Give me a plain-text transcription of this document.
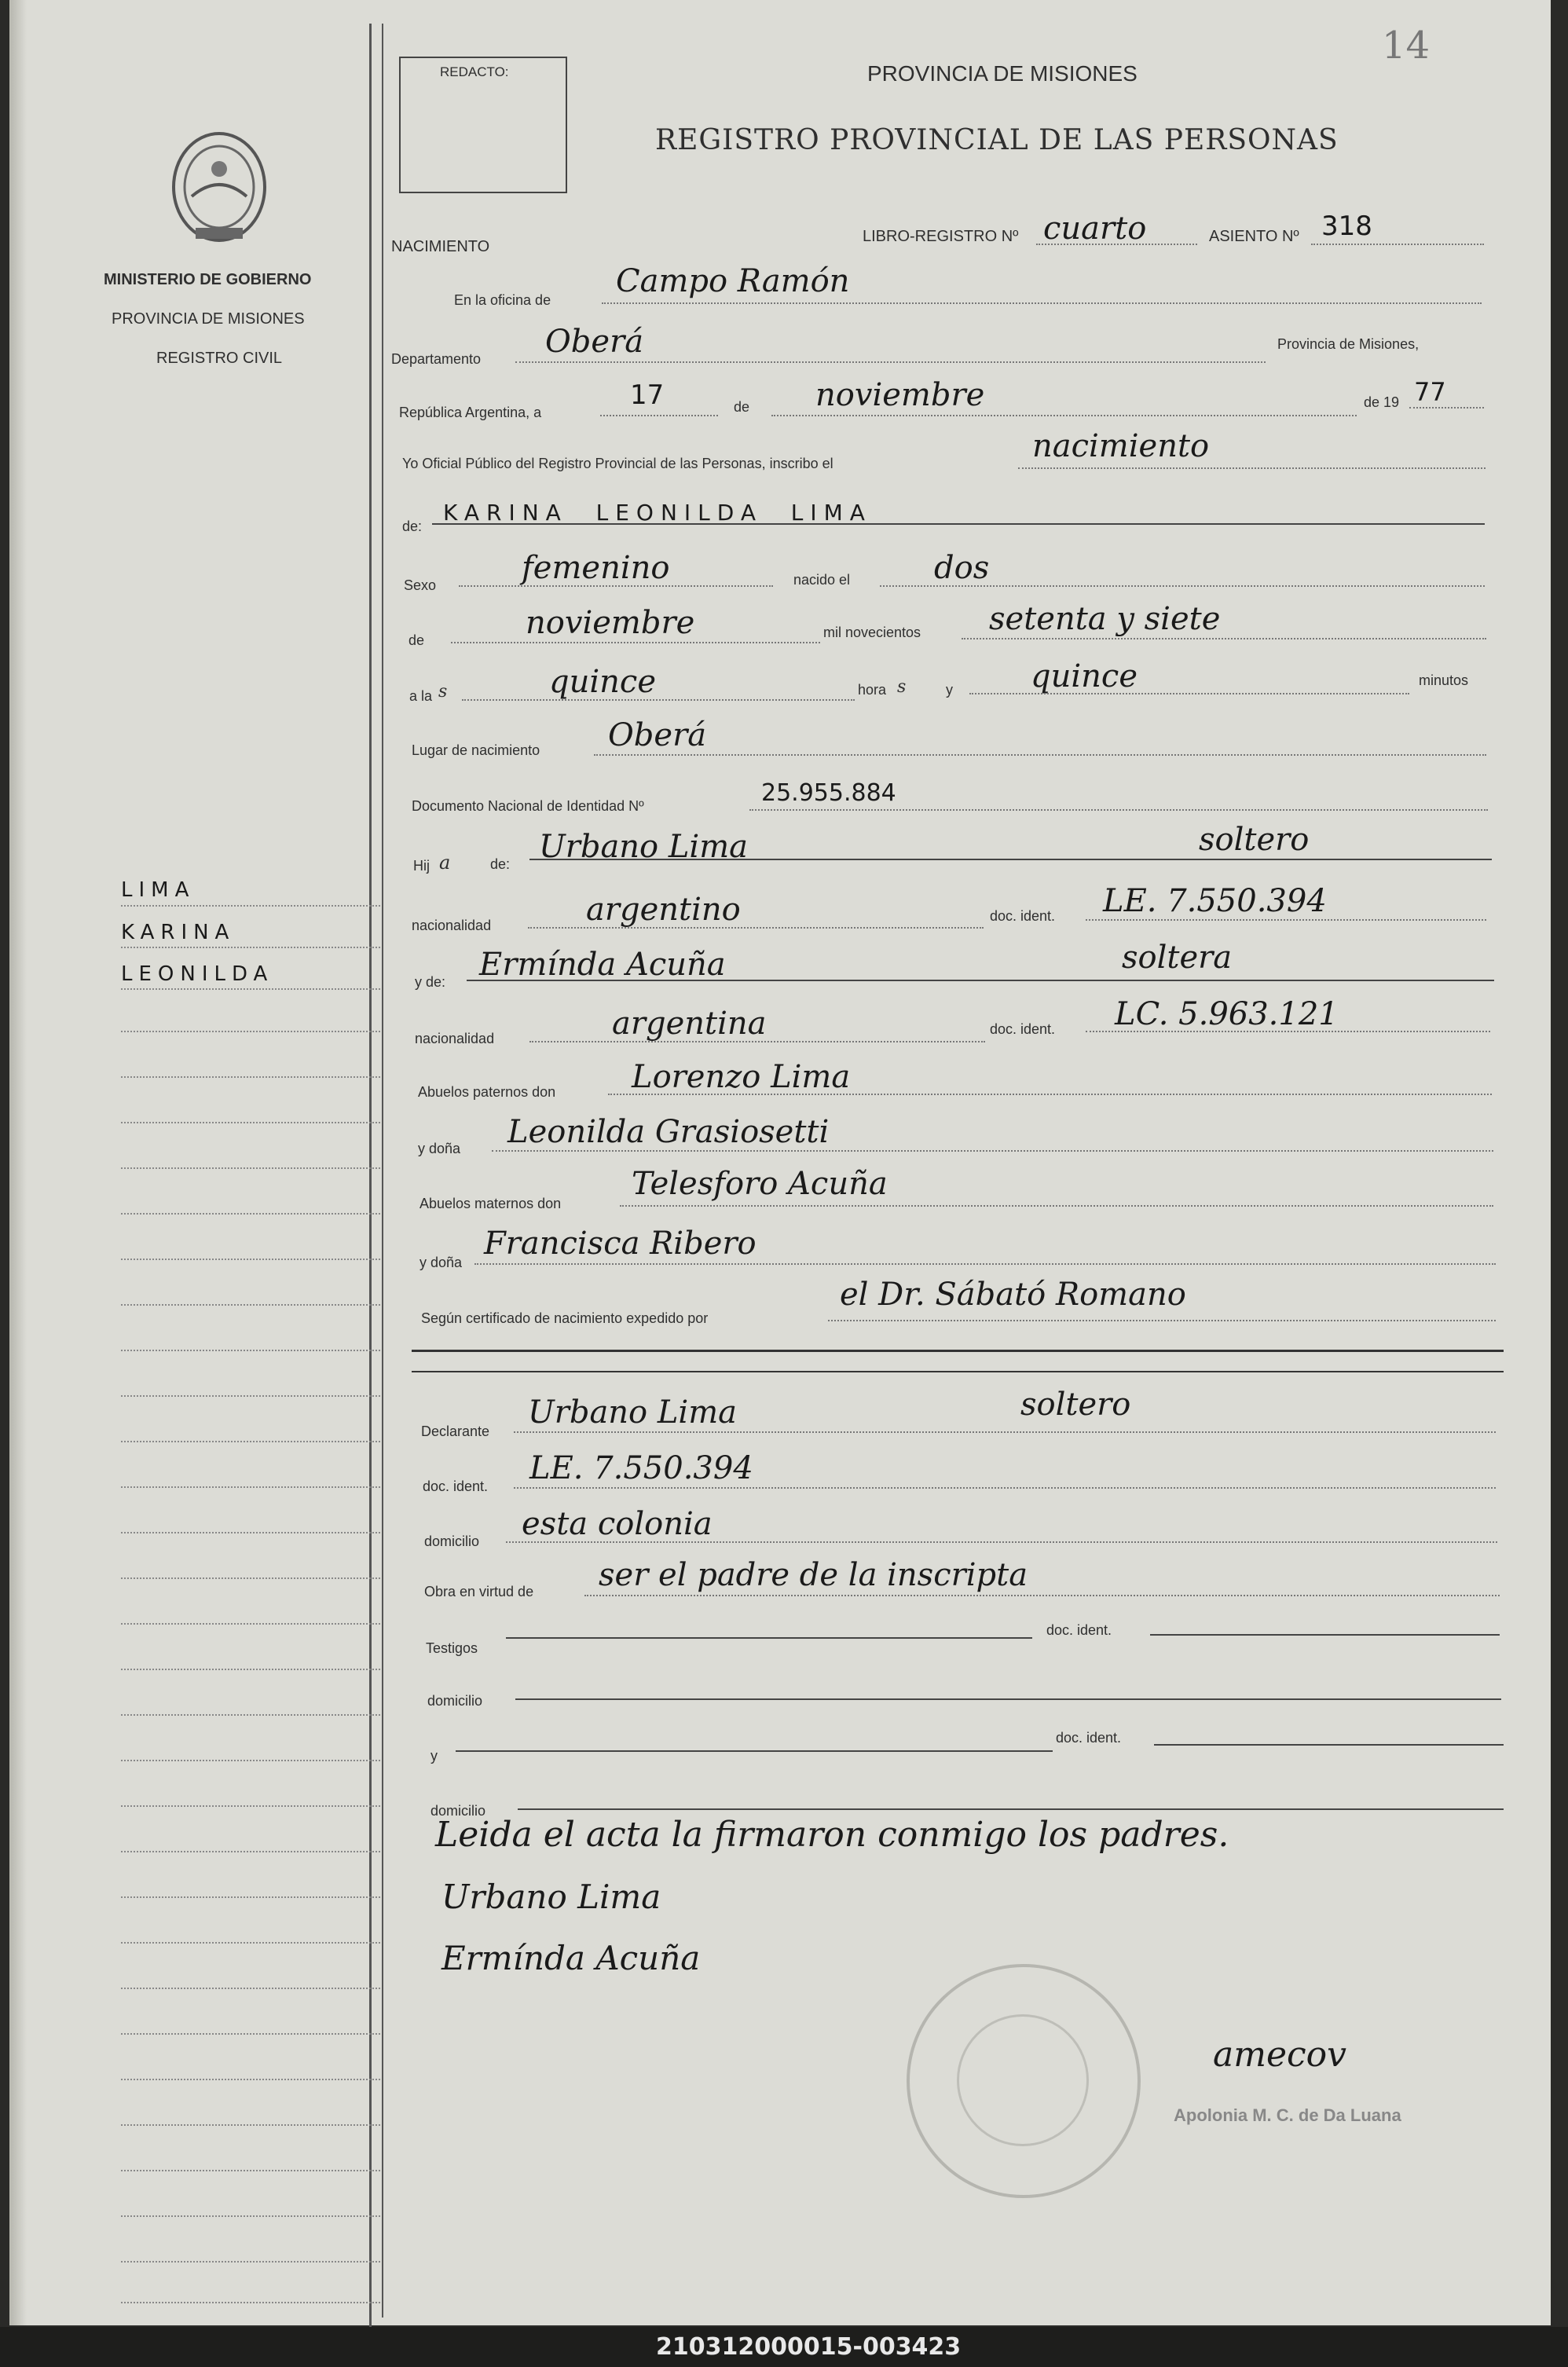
14
MINISTERIO DE GOBIERNO
PROVINCIA DE MISIONES
REGISTRO CIVIL
LIMA
KARINA
LEONILDA
REDACTO:	PROVINCIA DE MISIONES
REGISTRO PROVINCIAL DE LAS PERSONAS
NACIMIENTO
LIBRO-REGISTRO Nº cuarto	ASIENTO Nº 318
En la oficina de
Campo Ramón
Departamento Oberá	Provincia de Misiones,
República Argentina, a
17	de noviembre	de 19 77
Yo Oficial Público del Registro Provincial de las Personas, inscribo el	nacimiento
de:
KARINA  LEONILDA  LIMA
Sexo	femenino	nacido el	dos
de	noviembre	mil novecientos setenta y siete
a la s	quince	hora s	y quince	minutos
Lugar de nacimiento Oberá
Documento Nacional de Identidad Nº	25.955.884
Hij a	de: Urbano Lima	soltero
nacionalidad	argentino	doc. ident. LE. 7.550.394
y de: Ermínda Acuña	soltera
nacionalidad	argentina	doc. ident. LC. 5.963.121
Abuelos paternos don Lorenzo Lima
y doña Leonilda Grasiosetti
Abuelos maternos don
Telesforo Acuña
y doña
Francisca Ribero
Según certificado de nacimiento expedido por
el Dr. Sábató Romano
Declarante
Urbano Lima	soltero
doc. ident. LE. 7.550.394
domicilio esta colonia
Obra en virtud de ser el padre de la inscripta
Testigos
doc. ident.
domicilio
y
doc. ident.
domicilio
Leida el acta la firmaron conmigo los padres.
Urbano Lima
Ermínda Acuña
amecov
Apolonia M. C. de Da Luana
210312000015-003423
